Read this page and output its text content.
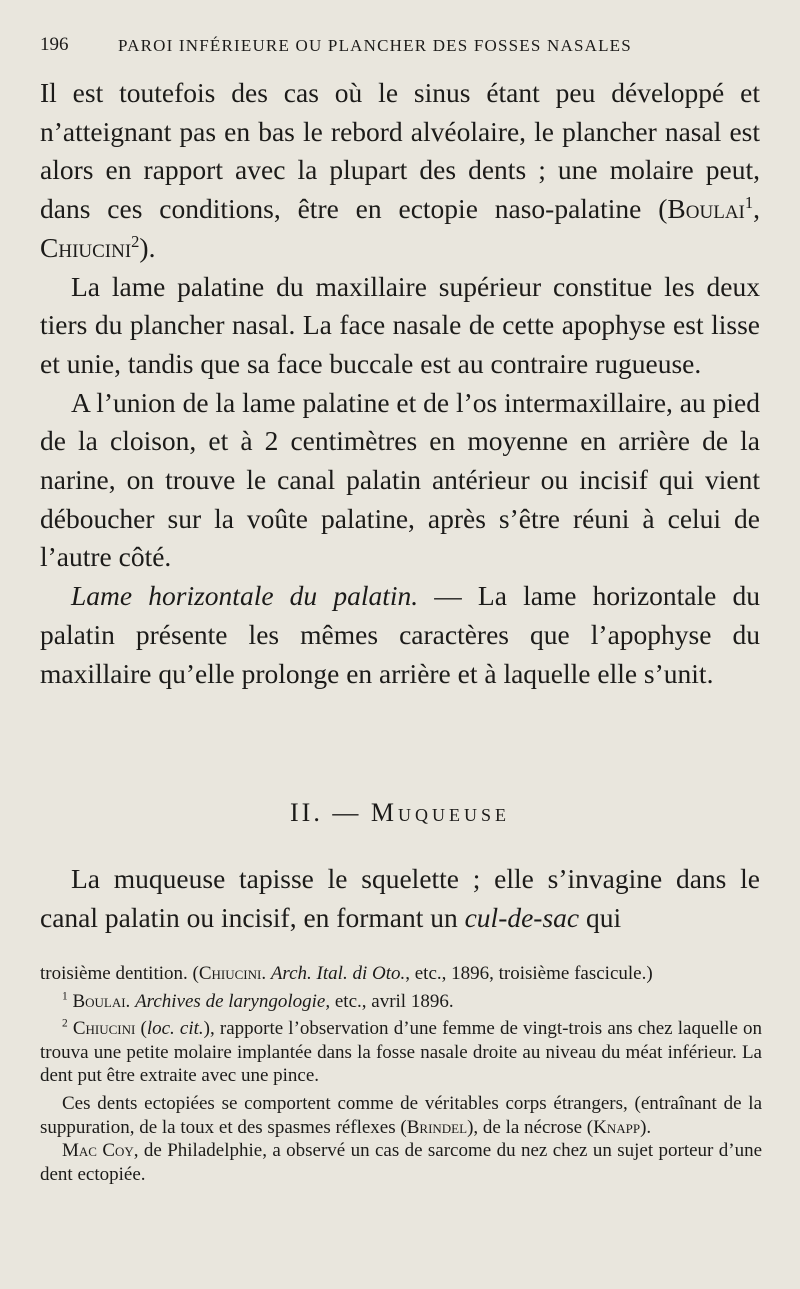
196	PAROI INFÉRIEURE OU PLANCHER DES FOSSES NASALES

Il est toutefois des cas où le sinus étant peu développé et n’atteignant pas en bas le rebord alvéolaire, le plancher nasal est alors en rapport avec la plupart des dents ; une molaire peut, dans ces conditions, être en ectopie naso-palatine (Boulai$^1$, Chiucini$^2$).

La lame palatine du maxillaire supérieur constitue les deux tiers du plancher nasal. La face nasale de cette apophyse est lisse et unie, tandis que sa face buccale est au contraire rugueuse.

A l’union de la lame palatine et de l’os intermaxillaire, au pied de la cloison, et à 2 centimètres en moyenne en arrière de la narine, on trouve le canal palatin antérieur ou incisif qui vient déboucher sur la voûte palatine, après s’être réuni à celui de l’autre côté.

Lame horizontale du palatin. — La lame horizontale du palatin présente les mêmes caractères que l’apophyse du maxillaire qu’elle prolonge en arrière et à laquelle elle s’unit.

II. — Muqueuse

La muqueuse tapisse le squelette ; elle s’invagine dans le canal palatin ou incisif, en formant un cul-de-sac qui

troisième dentition. (Chiucini. Arch. Ital. di Oto., etc., 1896, troisième fascicule.)

$^1$ Boulai. Archives de laryngologie, etc., avril 1896.

$^2$ Chiucini (loc. cit.), rapporte l’observation d’une femme de vingt-trois ans chez laquelle on trouva une petite molaire implantée dans la fosse nasale droite au niveau du méat inférieur. La dent put être extraite avec une pince.

Ces dents ectopiées se comportent comme de véritables corps étrangers, (entraînant de la suppuration, de la toux et des spasmes réflexes (Brindel), de la nécrose (Knapp).

Mac Coy, de Philadelphie, a observé un cas de sarcome du nez chez un sujet porteur d’une dent ectopiée.
